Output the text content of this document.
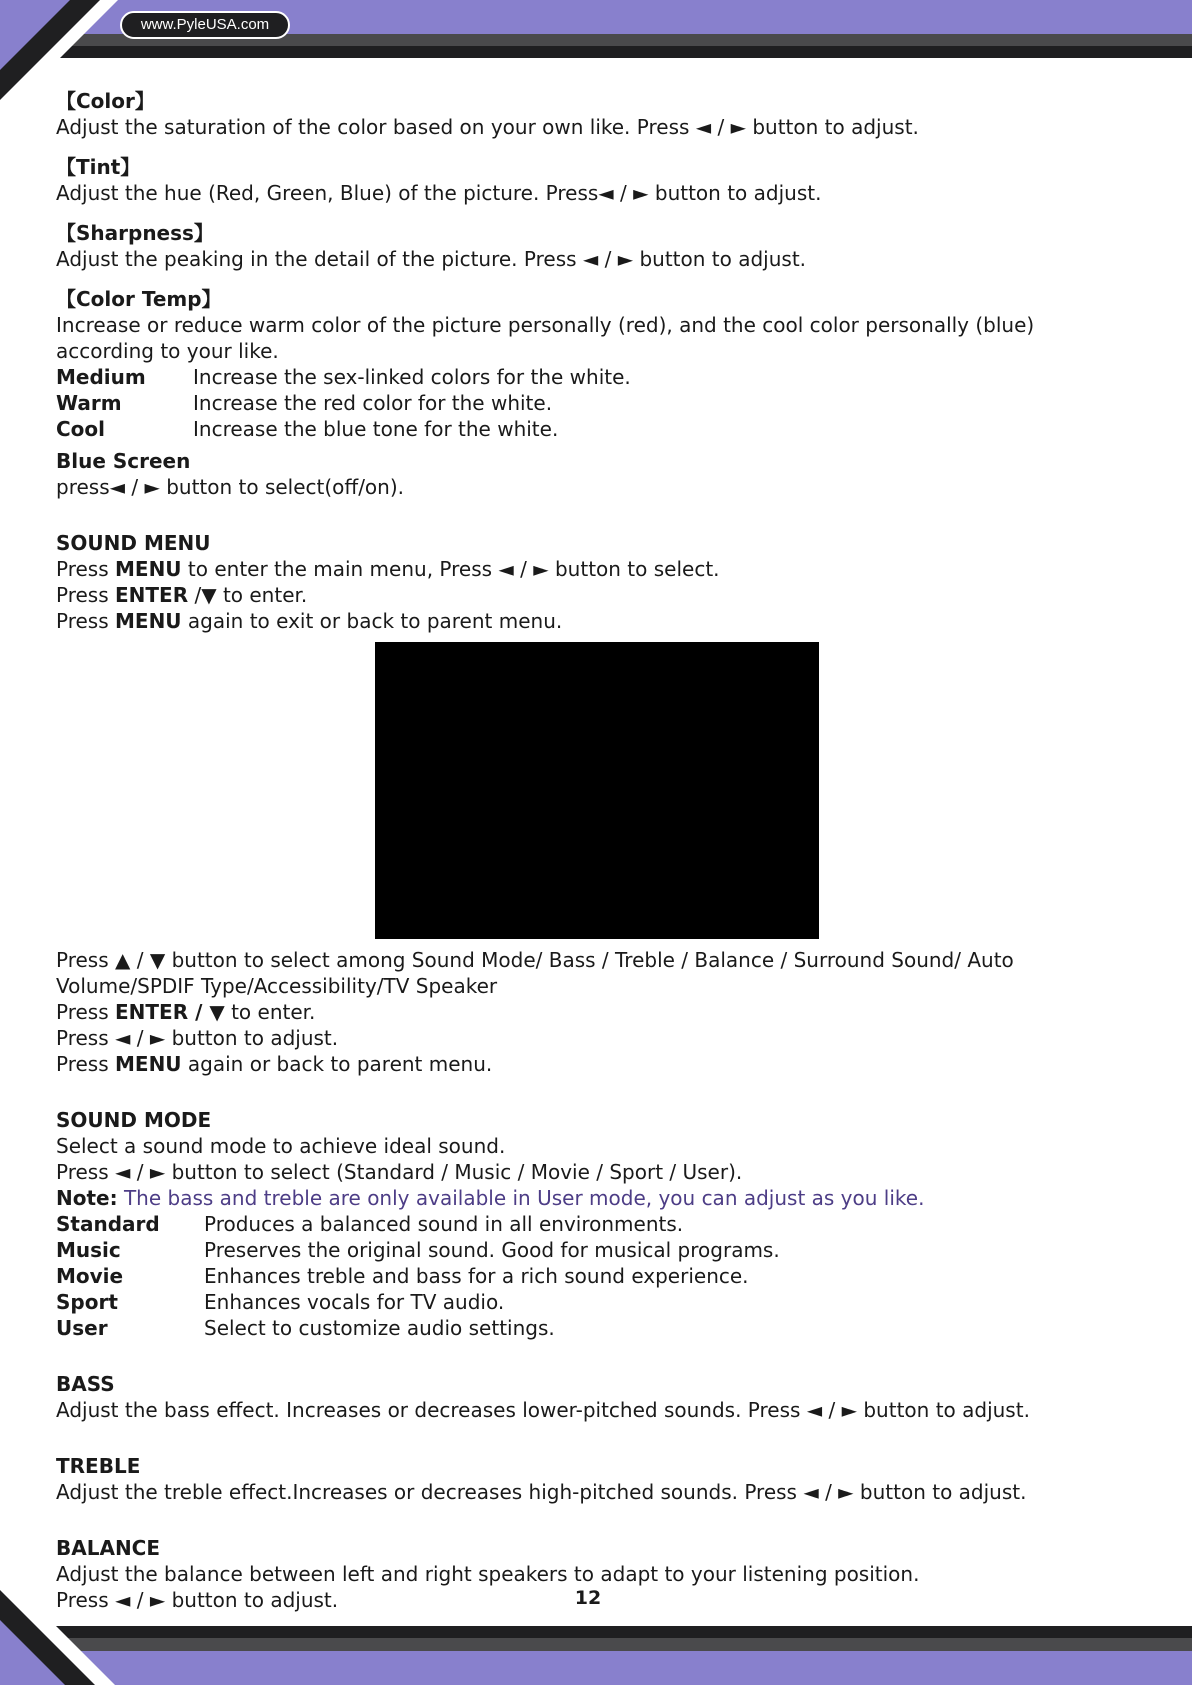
www.PyleUSA.com

【Color】

Adjust the saturation of the color based on your own like. Press ◄ / ► button to adjust.

【Tint】

Adjust the hue (Red, Green, Blue) of the picture. Press◄ / ► button to adjust.

【Sharpness】

Adjust the peaking in the detail of the picture. Press ◄ / ► button to adjust.

【Color Temp】

Increase or reduce warm color of the picture personally (red), and the cool color personally (blue) according to your like.

Medium	Increase the sex-linked colors for the white.
Warm	Increase the red color for the white.
Cool	Increase the blue tone for the white.

Blue Screen

press◄ / ► button to select(off/on).

SOUND MENU

Press MENU to enter the main menu, Press ◄ / ► button to select.

Press ENTER /▼ to enter.

Press MENU again to exit or back to parent menu.

Press ▲ / ▼ button to select among Sound Mode/ Bass / Treble / Balance / Surround Sound/ Auto Volume/SPDIF Type/Accessibility/TV Speaker

Press ENTER / ▼ to enter.

Press ◄ / ► button to adjust.

Press MENU again or back to parent menu.

SOUND MODE

Select a sound mode to achieve ideal sound.

Press ◄ / ► button to select (Standard / Music / Movie / Sport / User).

Note: The bass and treble are only available in User mode, you can adjust as you like.

Standard	Produces a balanced sound in all environments.
Music	Preserves the original sound. Good for musical programs.
Movie	Enhances treble and bass for a rich sound experience.
Sport	Enhances vocals for TV audio.
User	Select to customize audio settings.

BASS

Adjust the bass effect. Increases or decreases lower-pitched sounds. Press ◄ / ► button to adjust.

TREBLE

Adjust the treble effect.Increases or decreases high-pitched sounds. Press ◄ / ► button to adjust.

BALANCE

Adjust the balance between left and right speakers to adapt to your listening position.

Press ◄ / ► button to adjust.	12
